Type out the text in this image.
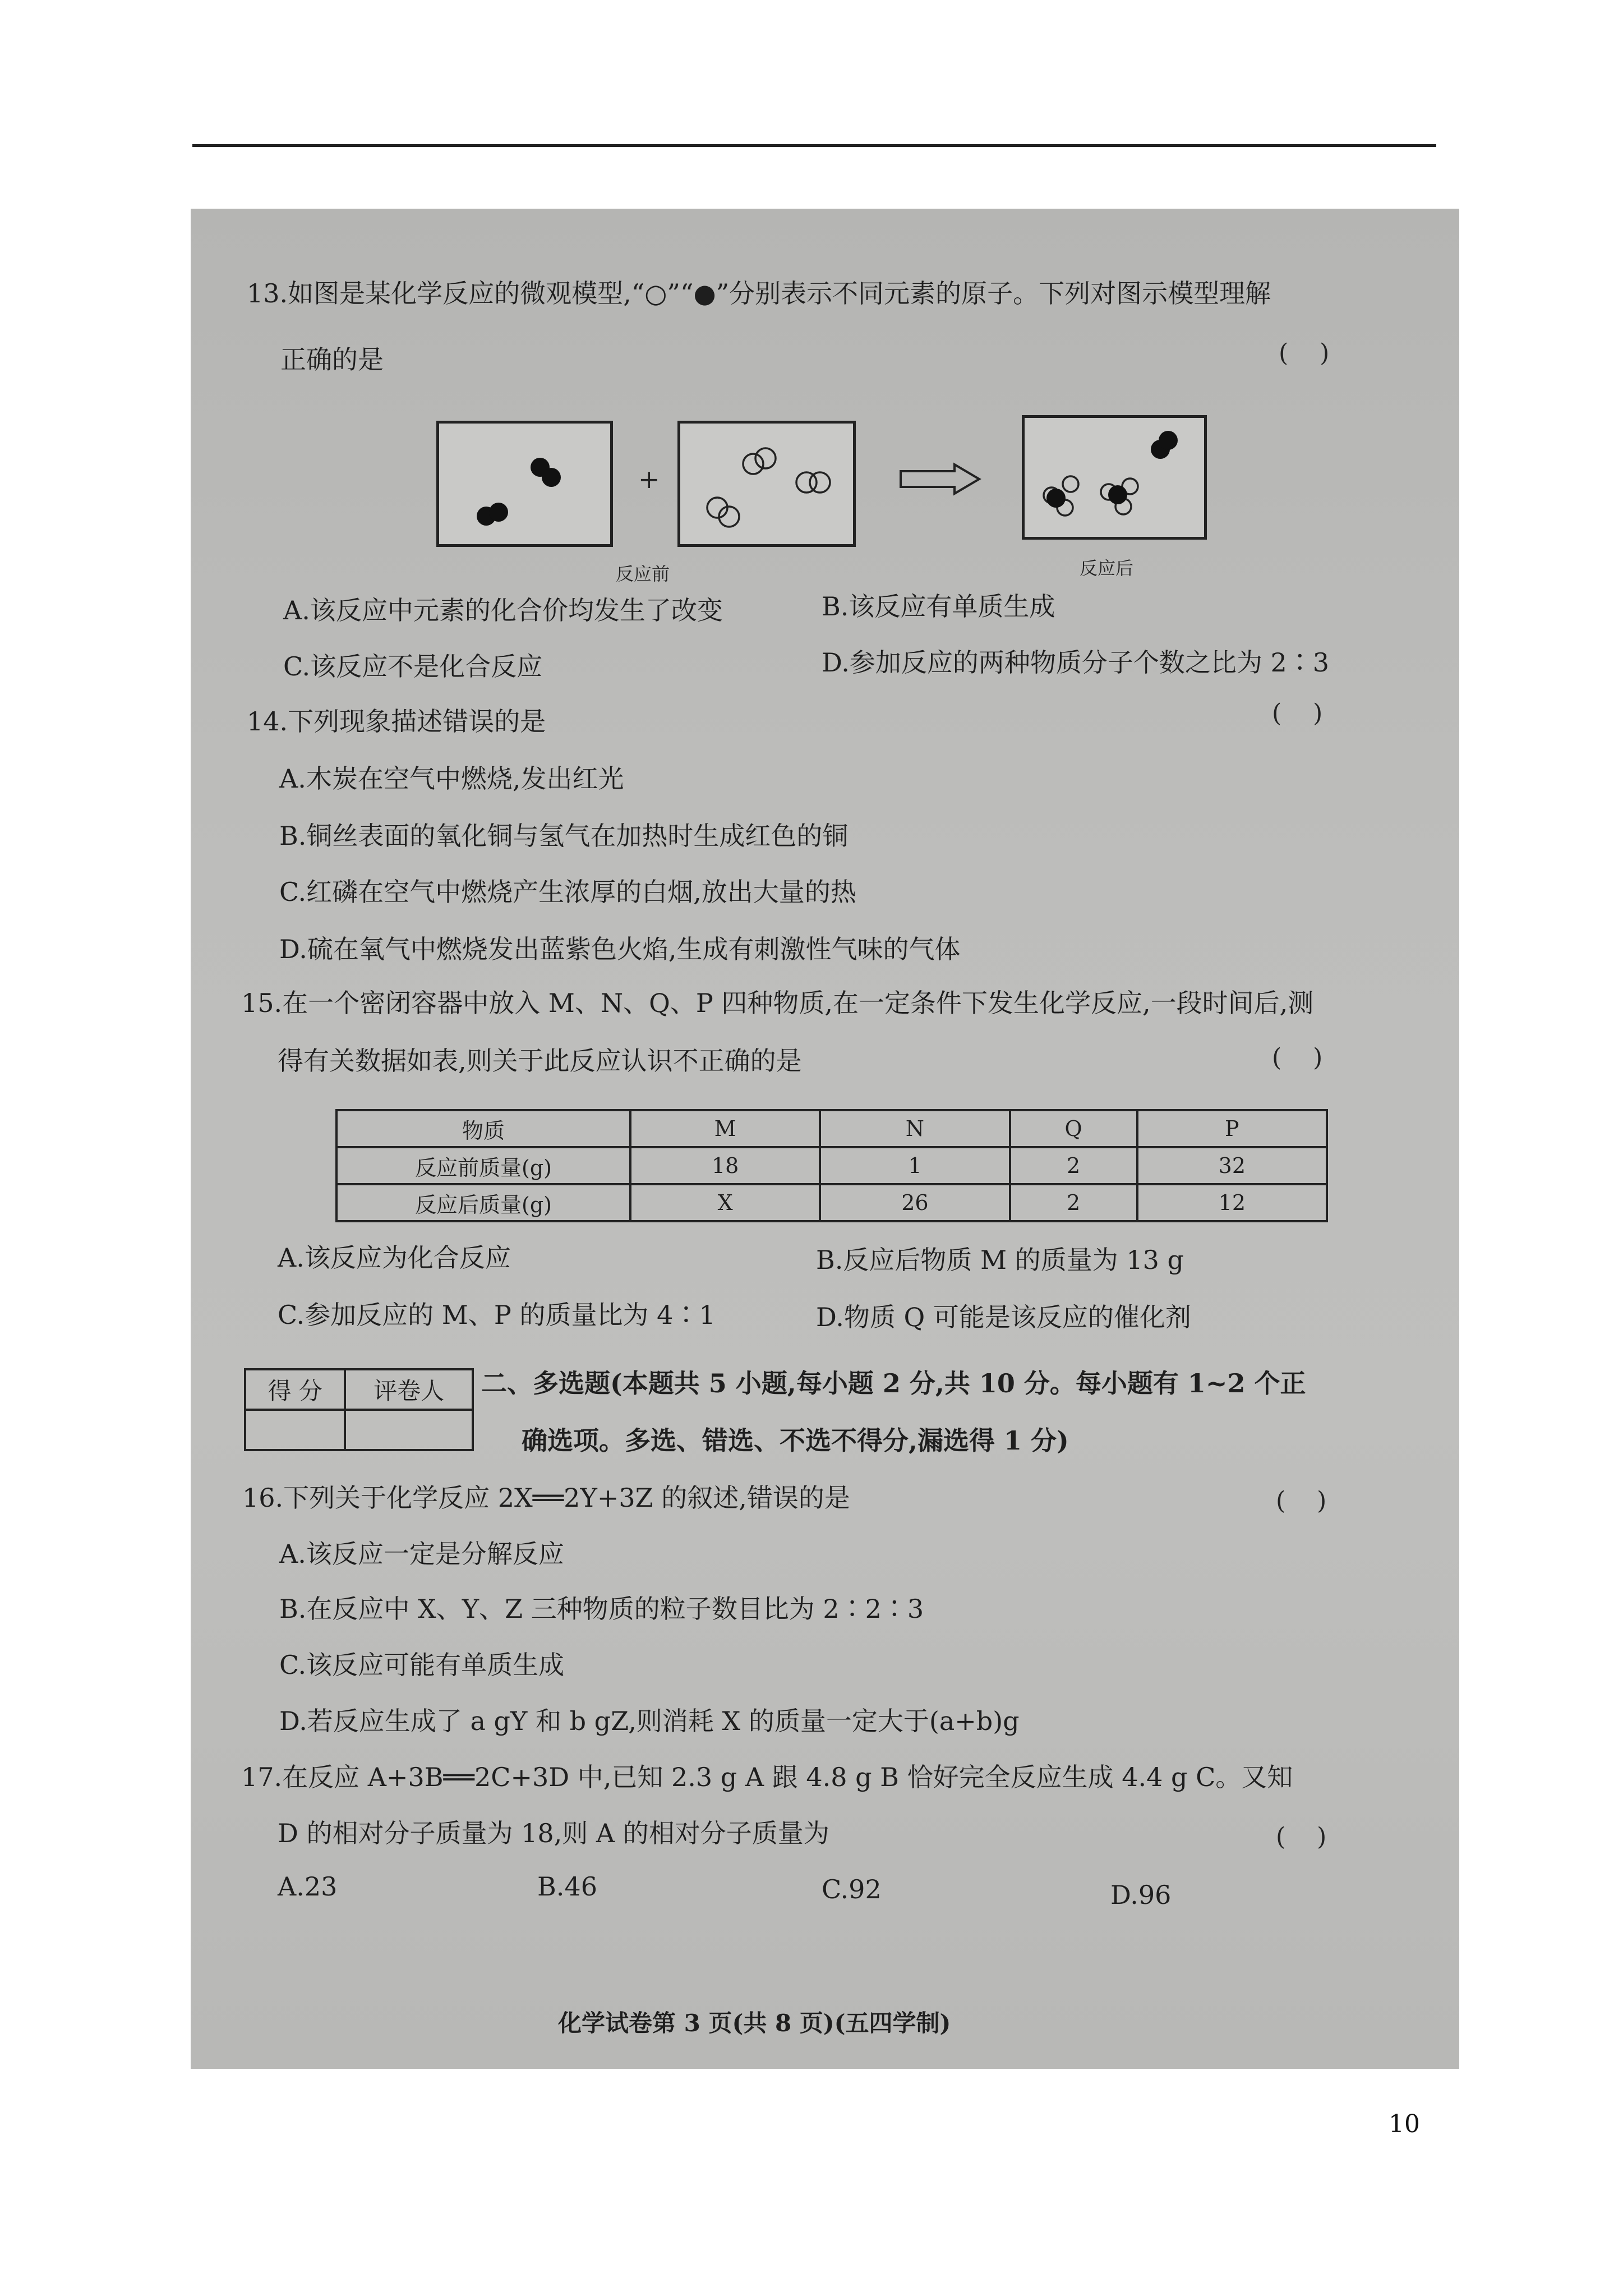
13.如图是某化学反应的微观模型,“○”“●”分别表示不同元素的原子。下列对图示模型理解
正确的是	(    )
+
反应前	反应后
A.该反应中元素的化合价均发生了改变	B.该反应有单质生成
C.该反应不是化合反应	D.参加反应的两种物质分子个数之比为 2∶3
14.下列现象描述错误的是	(    )
A.木炭在空气中燃烧,发出红光
B.铜丝表面的氧化铜与氢气在加热时生成红色的铜
C.红磷在空气中燃烧产生浓厚的白烟,放出大量的热
D.硫在氧气中燃烧发出蓝紫色火焰,生成有刺激性气味的气体
15.在一个密闭容器中放入 M、N、Q、P 四种物质,在一定条件下发生化学反应,一段时间后,测
得有关数据如表,则关于此反应认识不正确的是	(    )
物质	M	N	Q	P
反应前质量(g)	18	1	2	32
反应后质量(g)	X	26	2	12
A.该反应为化合反应	B.反应后物质 M 的质量为 13 g
C.参加反应的 M、P 的质量比为 4∶1	D.物质 Q 可能是该反应的催化剂
得 分	评卷人
	二、多选题(本题共 5 小题,每小题 2 分,共 10 分。每小题有 1~2 个正
确选项。多选、错选、不选不得分,漏选得 1 分)
16.下列关于化学反应 2X══2Y+3Z 的叙述,错误的是	(    )
A.该反应一定是分解反应
B.在反应中 X、Y、Z 三种物质的粒子数目比为 2∶2∶3
C.该反应可能有单质生成
D.若反应生成了 a gY 和 b gZ,则消耗 X 的质量一定大于(a+b)g
17.在反应 A+3B══2C+3D 中,已知 2.3 g A 跟 4.8 g B 恰好完全反应生成 4.4 g C。又知
D 的相对分子质量为 18,则 A 的相对分子质量为	(    )
A.23	B.46	C.92	D.96
化学试卷第 3 页(共 8 页)(五四学制)
10
